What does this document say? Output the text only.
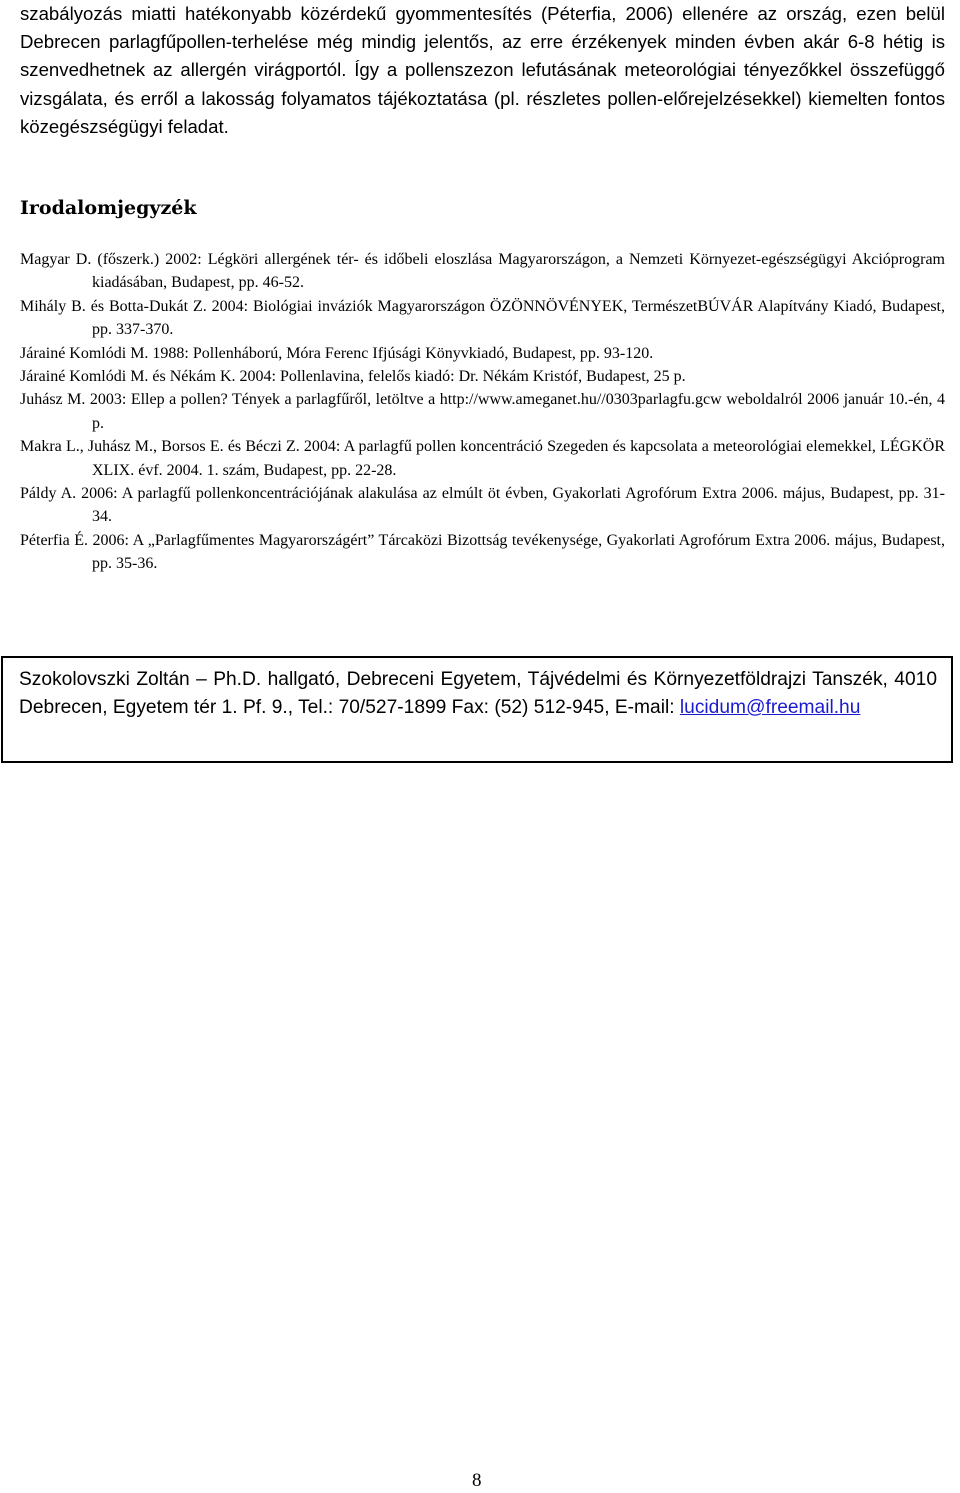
szabályozás miatti hatékonyabb közérdekű gyommentesítés (Péterfia, 2006) ellenére az ország, ezen belül Debrecen parlagfűpollen-terhelése még mindig jelentős, az erre érzékenyek minden évben akár 6-8 hétig is szenvedhetnek az allergén virágportól. Így a pollenszezon lefutásának meteorológiai tényezőkkel összefüggő vizsgálata, és erről a lakosság folyamatos tájékoztatása (pl. részletes pollen-előrejelzésekkel) kiemelten fontos közegészségügyi feladat.

Irodalomjegyzék
Magyar D. (főszerk.) 2002: Légköri allergének tér- és időbeli eloszlása Magyarországon, a Nemzeti Környezet-egészségügyi Akcióprogram kiadásában, Budapest, pp. 46-52.
Mihály B. és Botta-Dukát Z. 2004: Biológiai inváziók Magyarországon ÖZÖNNÖVÉNYEK, TermészetBÚVÁR Alapítvány Kiadó, Budapest, pp. 337-370.
Járainé Komlódi M. 1988: Pollenháború, Móra Ferenc Ifjúsági Könyvkiadó, Budapest, pp. 93-120.
Járainé Komlódi M. és Nékám K. 2004: Pollenlavina, felelős kiadó: Dr. Nékám Kristóf, Budapest, 25 p.
Juhász M. 2003: Ellep a pollen? Tények a parlagfűről, letöltve a http://www.ameganet.hu//0303parlagfu.gcw weboldalról 2006 január 10.-én, 4 p.
Makra L., Juhász M., Borsos E. és Béczi Z. 2004: A parlagfű pollen koncentráció Szegeden és kapcsolata a meteorológiai elemekkel, LÉGKÖR XLIX. évf. 2004. 1. szám, Budapest, pp. 22-28.
Páldy A. 2006: A parlagfű pollenkoncentrációjának alakulása az elmúlt öt évben, Gyakorlati Agrofórum Extra 2006. május, Budapest, pp. 31-34.
Péterfia É. 2006: A „Parlagfűmentes Magyarországért” Tárcaközi Bizottság tevékenysége, Gyakorlati Agrofórum Extra 2006. május, Budapest, pp. 35-36.
Szokolovszki Zoltán – Ph.D. hallgató, Debreceni Egyetem, Tájvédelmi és Környezetföldrajzi Tanszék, 4010 Debrecen, Egyetem tér 1. Pf. 9., Tel.: 70/527-1899 Fax: (52) 512-945, E-mail: lucidum@freemail.hu
8
